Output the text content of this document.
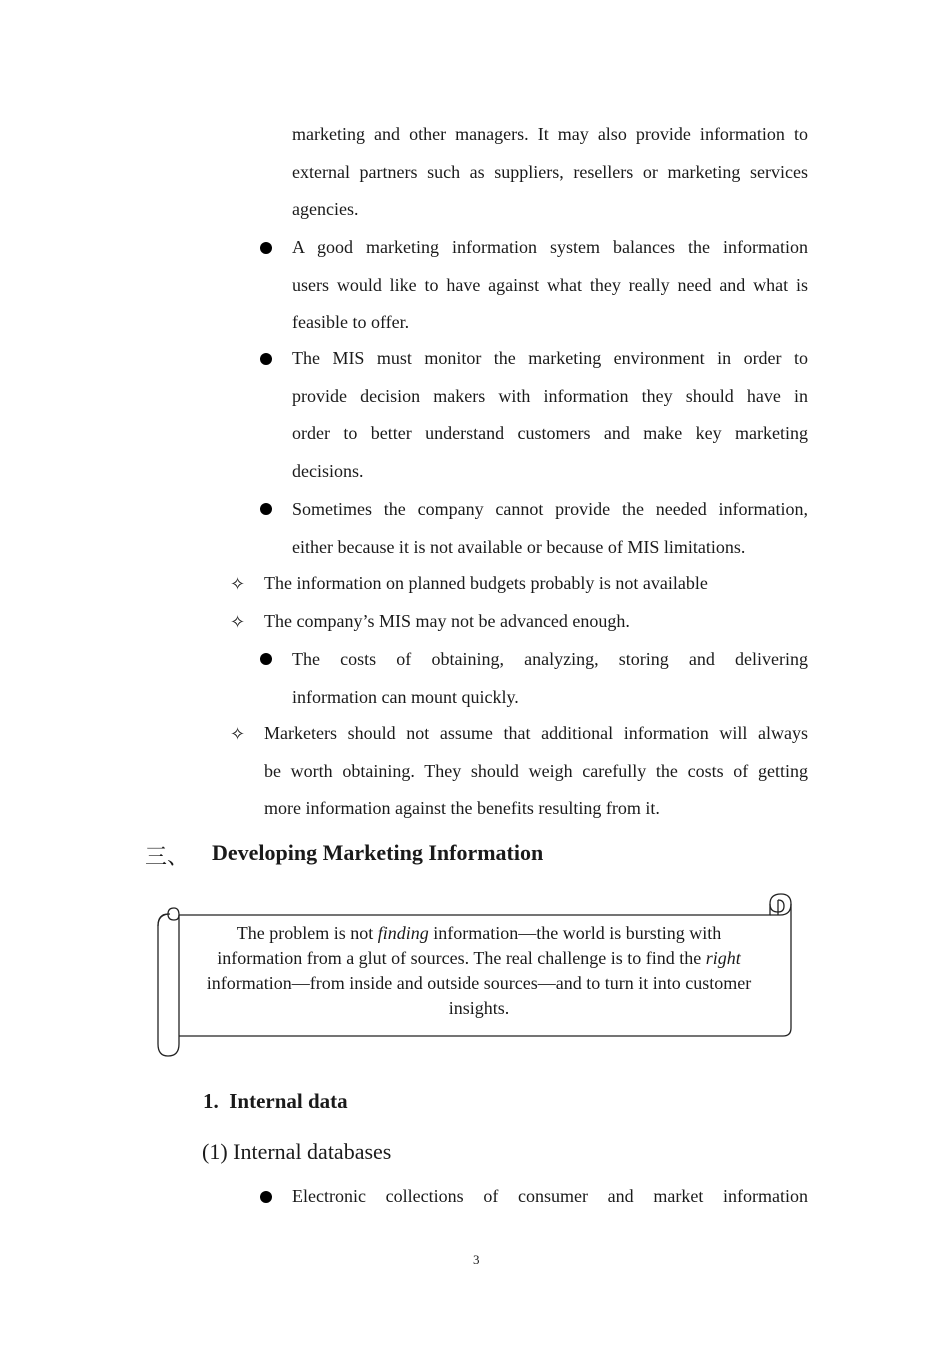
marketing and other managers. It may also provide information to
external partners such as suppliers, resellers or marketing services
agencies.
A good marketing information system balances the information
users would like to have against what they really need and what is
feasible to offer.
The MIS must monitor the marketing environment in order to
provide decision makers with information they should have in
order to better understand customers and make key marketing
decisions.
Sometimes the company cannot provide the needed information,
either because it is not available or because of MIS limitations.
✧ The information on planned budgets probably is not available
✧ The company’s MIS may not be advanced enough.
The costs of obtaining, analyzing, storing and delivering
information can mount quickly.
✧ Marketers should not assume that additional information will always
be worth obtaining. They should weigh carefully the costs of getting
more information against the benefits resulting from it.
三、 Developing Marketing Information
The problem is not finding information—the world is bursting with
information from a glut of sources. The real challenge is to find the right
information—from inside and outside sources—and to turn it into customer
insights.
1.  Internal data
(1) Internal databases
Electronic collections of consumer and market information
3
